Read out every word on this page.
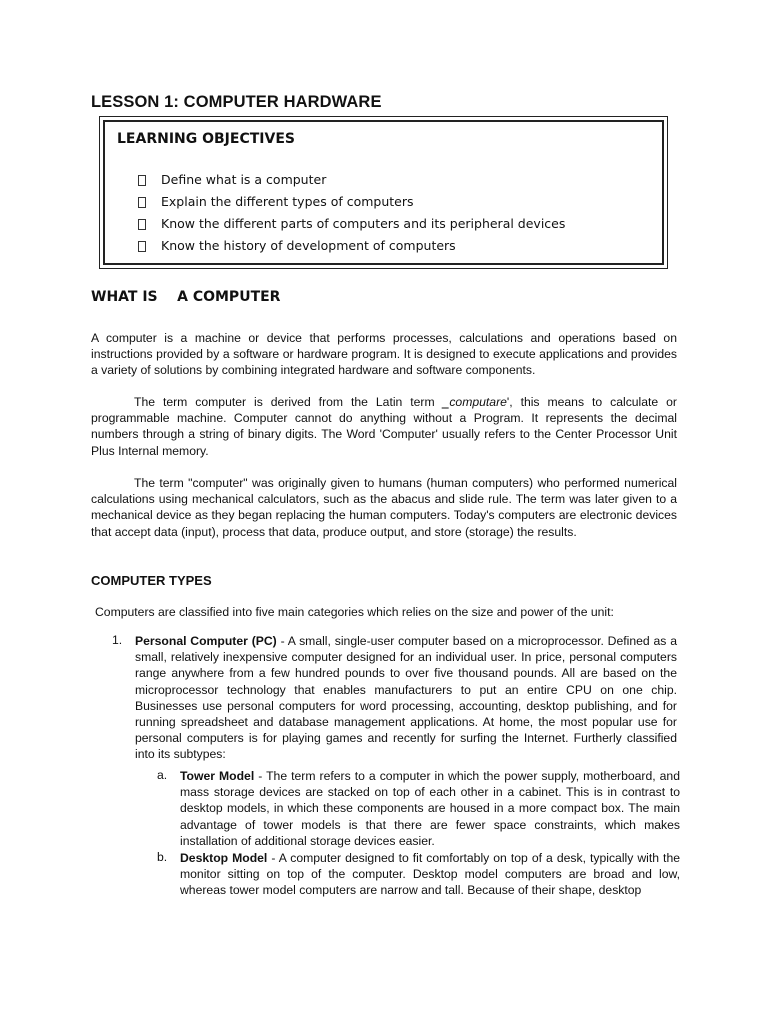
LESSON 1: COMPUTER HARDWARE
LEARNING OBJECTIVES
Define what is a computer
Explain the different types of computers
Know the different parts of computers and its peripheral devices
Know the history of development of computers
WHAT IS    A COMPUTER

A computer is a machine or device that performs processes, calculations and operations based on instructions provided by a software or hardware program. It is designed to execute applications and provides a variety of solutions by combining integrated hardware and software components.

The term computer is derived from the Latin term ‗computare', this means to calculate or programmable machine. Computer cannot do anything without a Program. It represents the decimal numbers through a string of binary digits. The Word 'Computer' usually refers to the Center Processor Unit Plus Internal memory.

The term "computer" was originally given to humans (human computers) who performed numerical calculations using mechanical calculators, such as the abacus and slide rule. The term was later given to a mechanical device as they began replacing the human computers. Today's computers are electronic devices that accept data (input), process that data, produce output, and store (storage) the results.

COMPUTER TYPES

Computers are classified into five main categories which relies on the size and power of the unit:

1. Personal Computer (PC) - A small, single-user computer based on a microprocessor. Defined as a small, relatively inexpensive computer designed for an individual user. In price, personal computers range anywhere from a few hundred pounds to over five thousand pounds. All are based on the microprocessor technology that enables manufacturers to put an entire CPU on one chip. Businesses use personal computers for word processing, accounting, desktop publishing, and for running spreadsheet and database management applications. At home, the most popular use for personal computers is for playing games and recently for surfing the Internet. Furtherly classified into its subtypes:

a. Tower Model - The term refers to a computer in which the power supply, motherboard, and mass storage devices are stacked on top of each other in a cabinet. This is in contrast to desktop models, in which these components are housed in a more compact box. The main advantage of tower models is that there are fewer space constraints, which makes installation of additional storage devices easier.

b. Desktop Model - A computer designed to fit comfortably on top of a desk, typically with the monitor sitting on top of the computer. Desktop model computers are broad and low, whereas tower model computers are narrow and tall. Because of their shape, desktop
